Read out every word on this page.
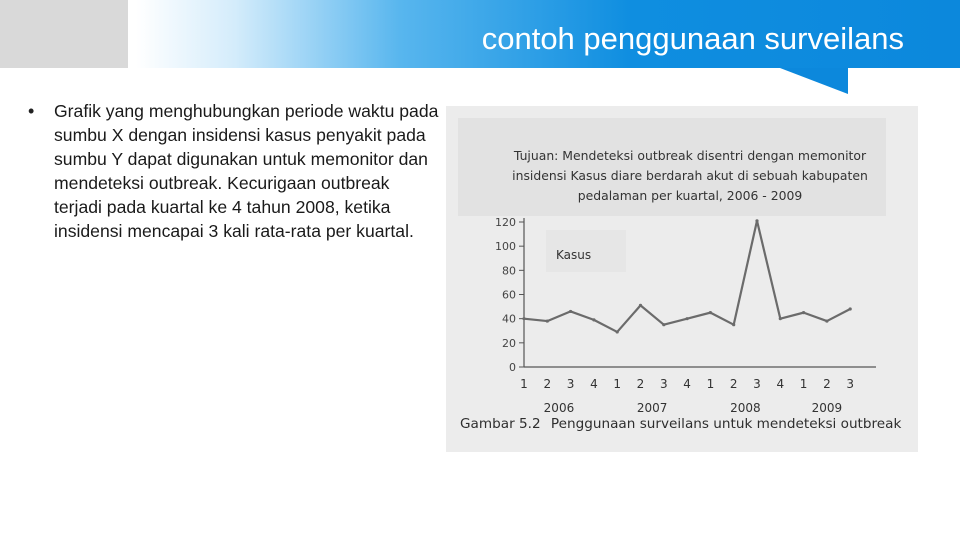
contoh penggunaan surveilans
• Grafik yang menghubungkan periode waktu pada sumbu X dengan insidensi kasus penyakit pada sumbu Y dapat digunakan untuk memonitor dan mendeteksi outbreak. Kecurigaan outbreak terjadi pada kuartal ke 4 tahun 2008, ketika insidensi mencapai 3 kali rata-rata per kuartal.
Tujuan: Mendeteksi outbreak disentri dengan memonitor insidensi Kasus diare berdarah akut di sebuah kabupaten pedalaman per kuartal, 2006 - 2009
Kasus
0
20
40
60
80
100
120
1 2 3 4 1 2 3 4 1 2 3 4 1 2 3
2006	2007	2008	2009
Gambar 5.2 Penggunaan surveilans untuk mendeteksi outbreak
